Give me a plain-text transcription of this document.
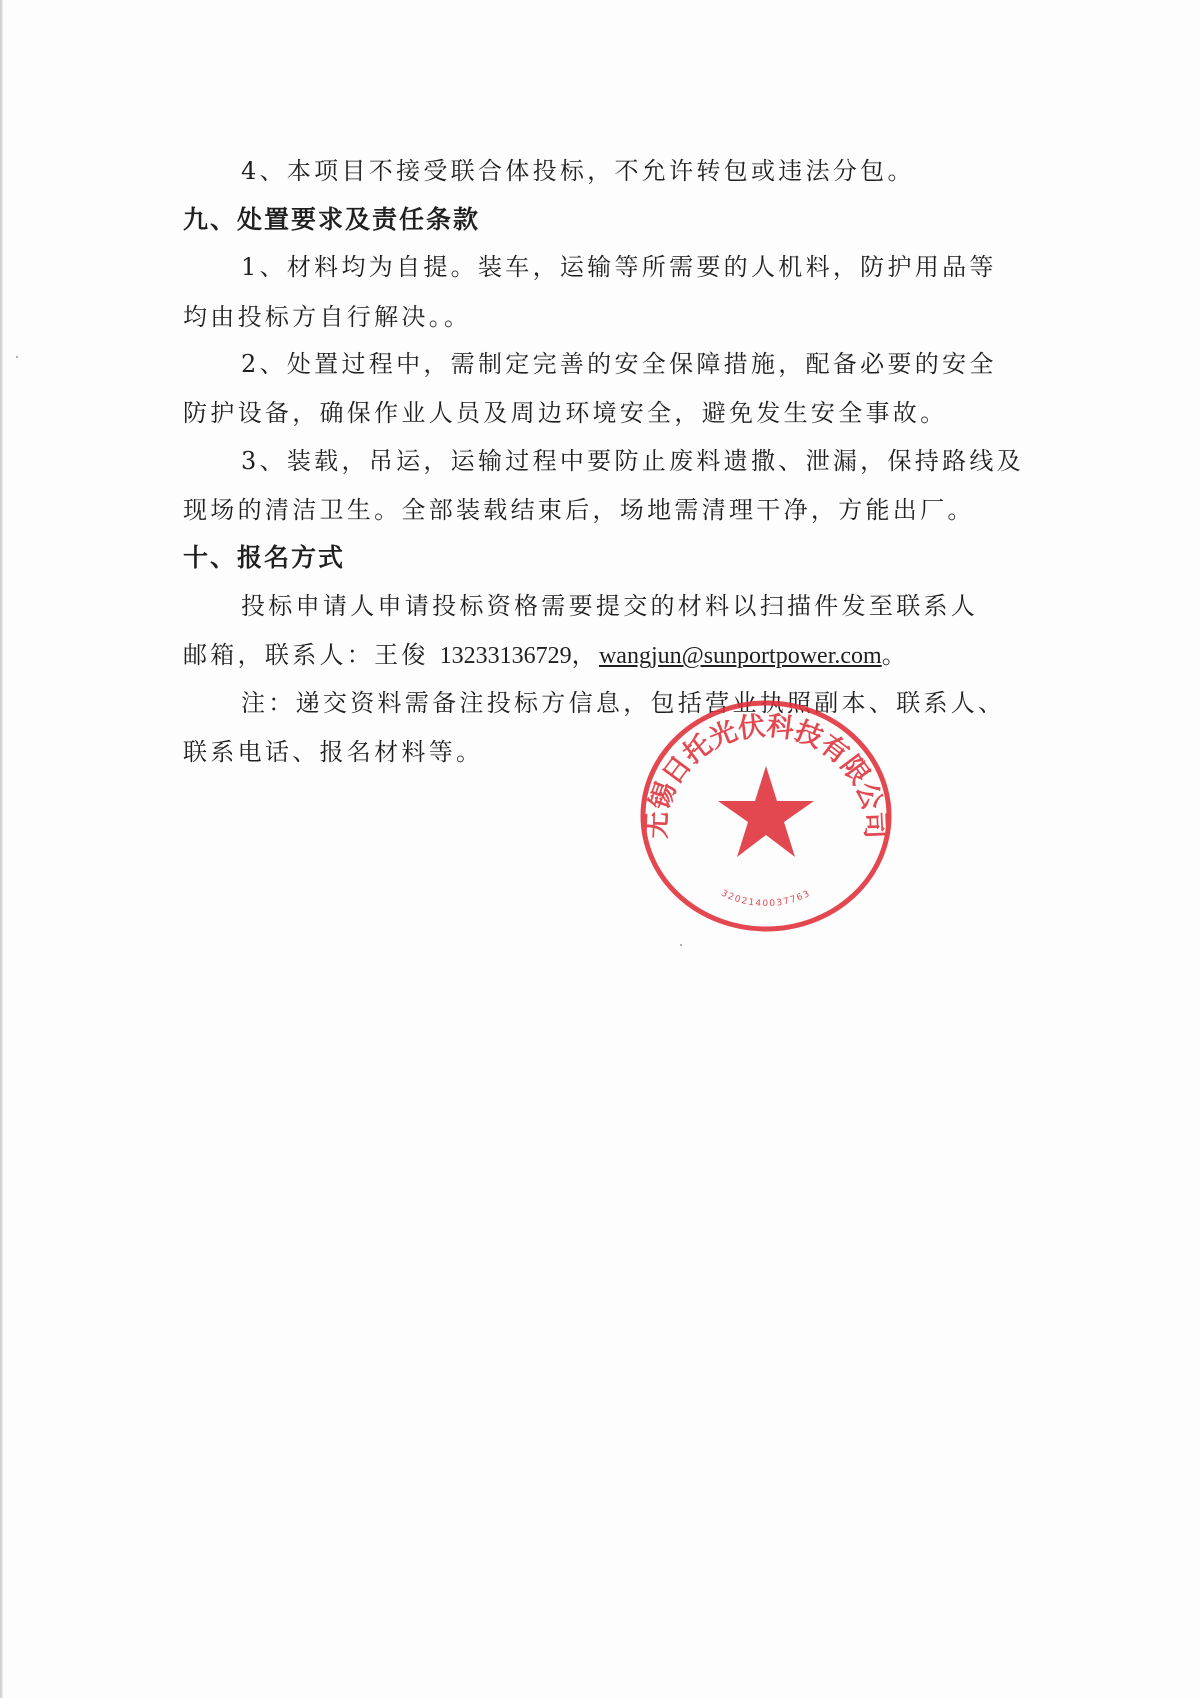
4、本项目不接受联合体投标，不允许转包或违法分包。
九、处置要求及责任条款
1、材料均为自提。装车，运输等所需要的人机料，防护用品等
均由投标方自行解决。。
2、处置过程中，需制定完善的安全保障措施，配备必要的安全
防护设备，确保作业人员及周边环境安全，避免发生安全事故。
3、装载，吊运，运输过程中要防止废料遗撒、泄漏，保持路线及
现场的清洁卫生。全部装载结束后，场地需清理干净，方能出厂。
十、报名方式
投标申请人申请投标资格需要提交的材料以扫描件发至联系人
邮箱，联系人：王俊 13233136729，wangjun@sunportpower.com。
注：递交资料需备注投标方信息，包括营业执照副本、联系人、
联系电话、报名材料等。
无锡日托光伏科技有限公司
3202140037763
